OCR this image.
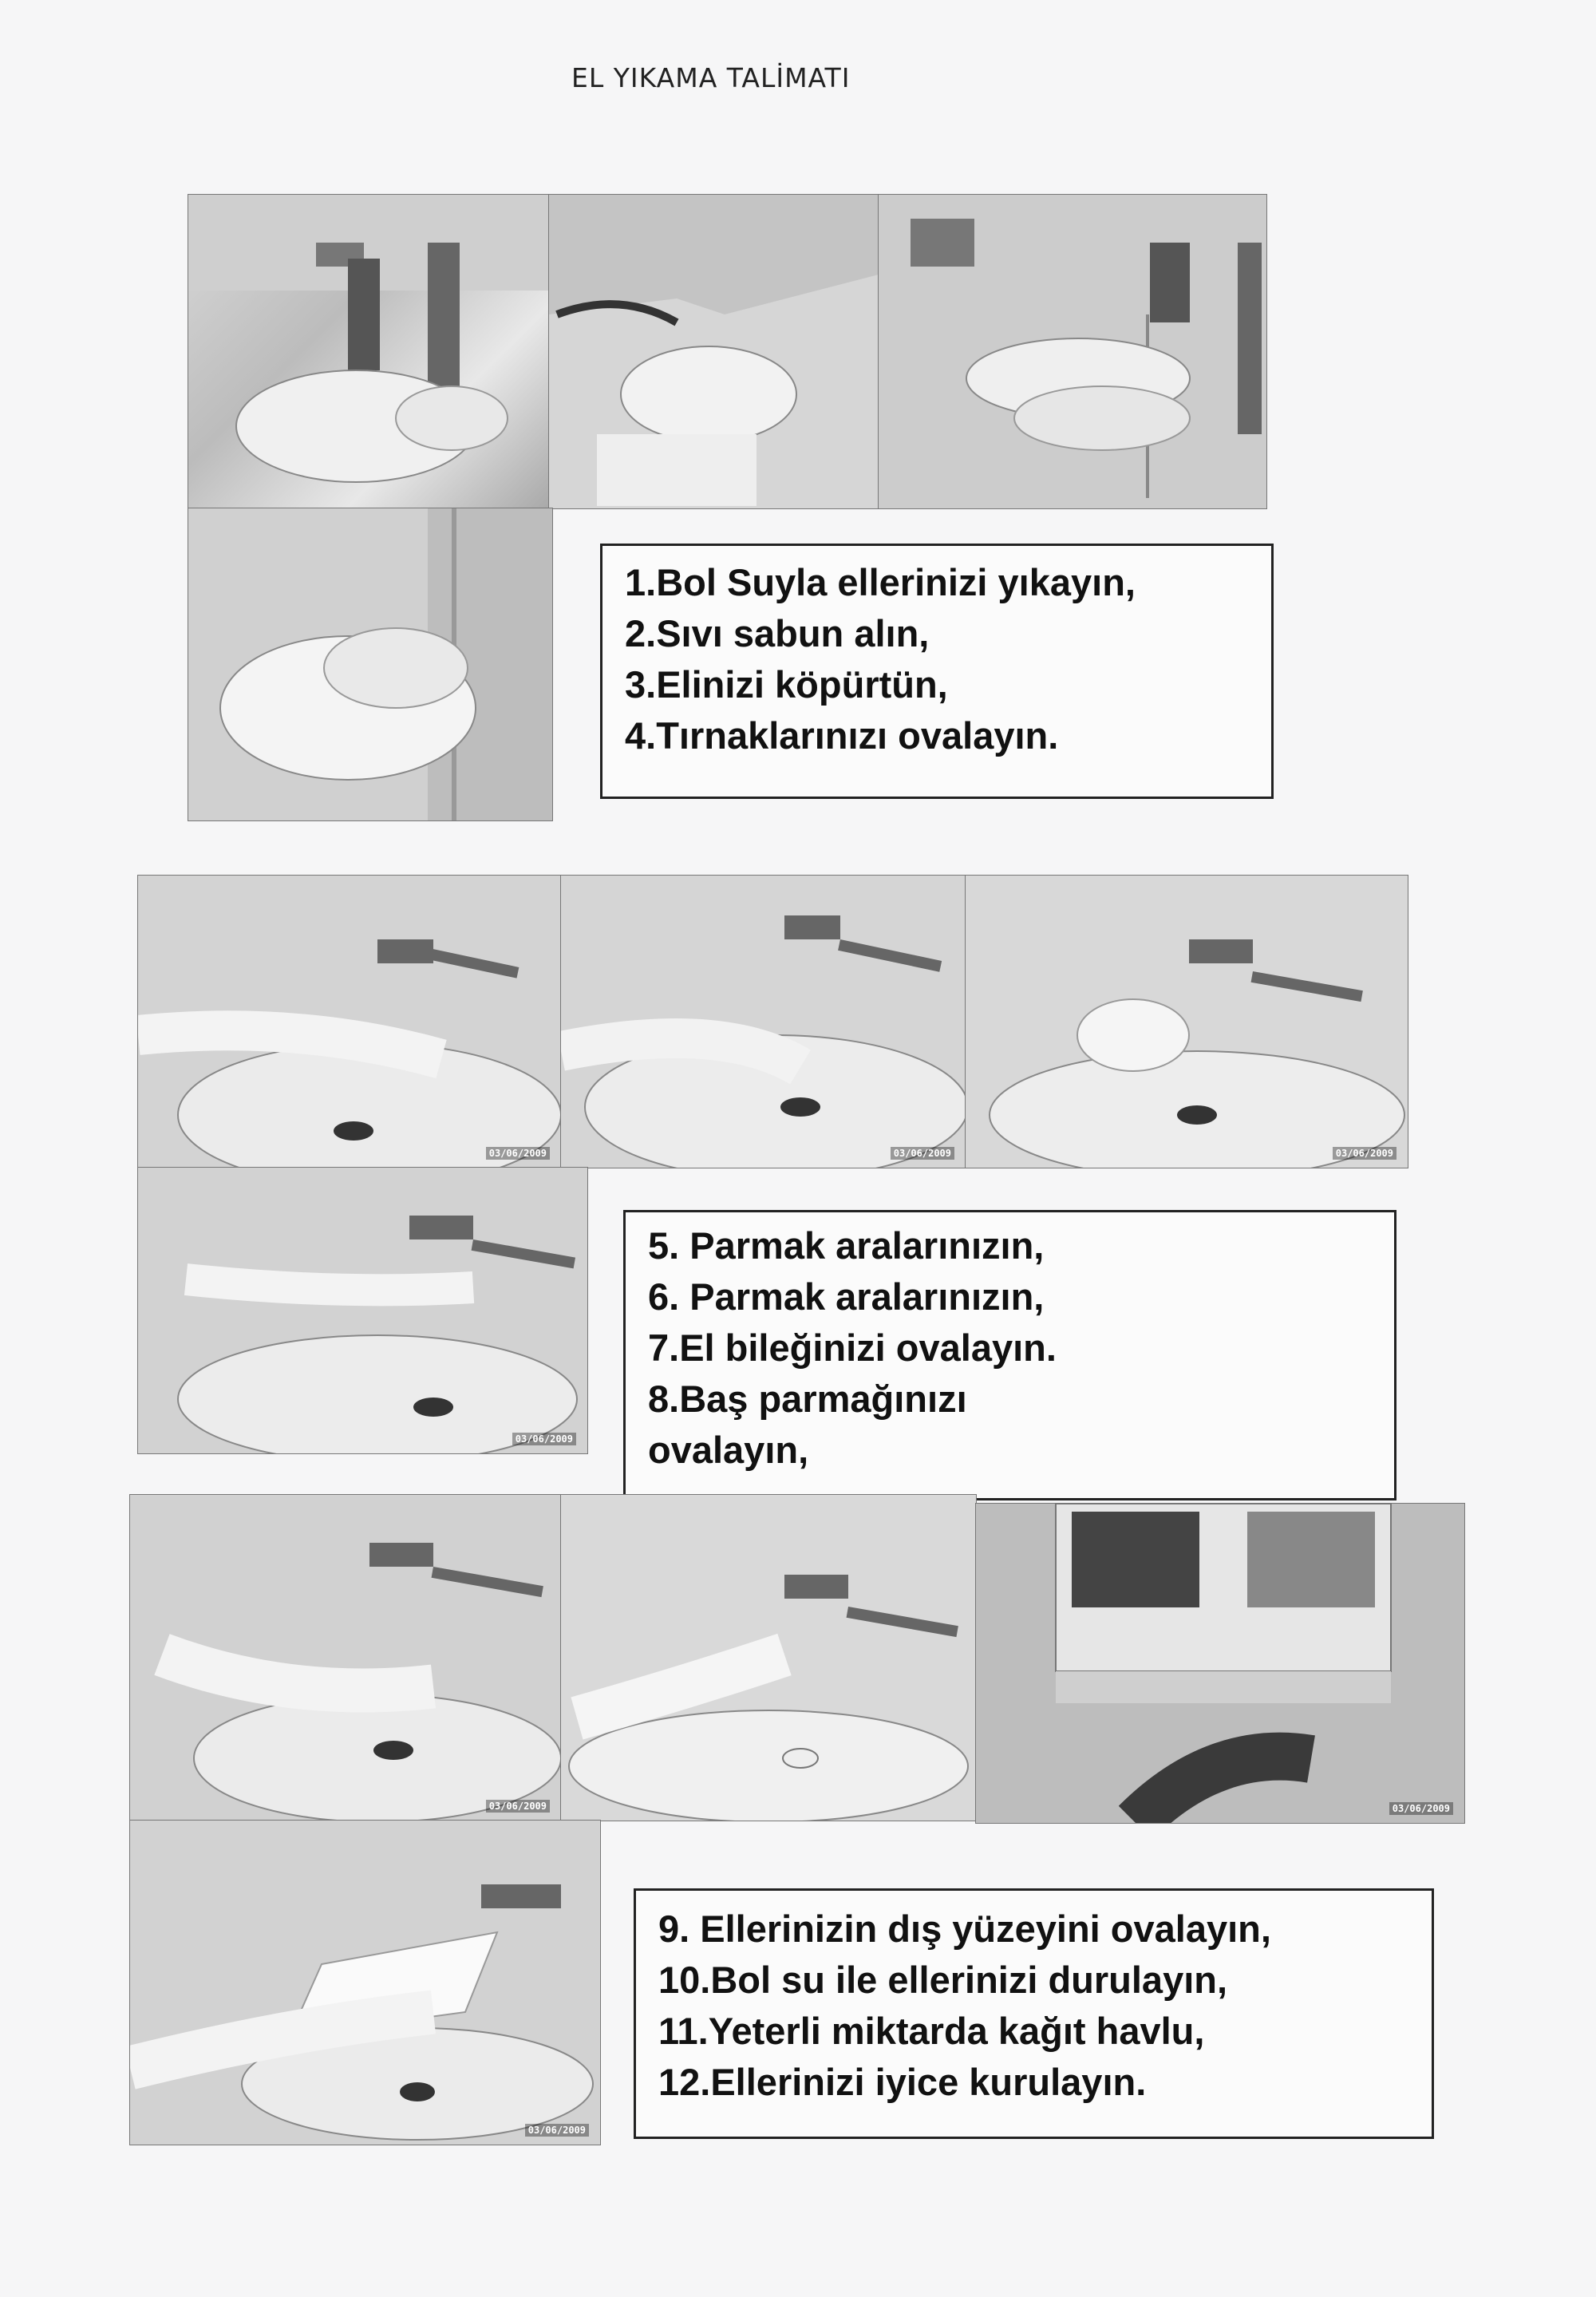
EL YIKAMA TALİMATI
1.Bol Suyla ellerinizi yıkayın,
2.Sıvı sabun alın,
3.Elinizi köpürtün,
4.Tırnaklarınızı ovalayın.
03/06/2009	03/06/2009	03/06/2009
03/06/2009
5. Parmak aralarınızın,
6. Parmak aralarınızın,
7.El bileğinizi ovalayın.
8.Baş parmağınızı
ovalayın,
03/06/2009	03/06/2009
03/06/2009
9. Ellerinizin dış yüzeyini ovalayın,
10.Bol su ile ellerinizi durulayın,
11.Yeterli miktarda kağıt havlu,
12.Ellerinizi iyice kurulayın.
